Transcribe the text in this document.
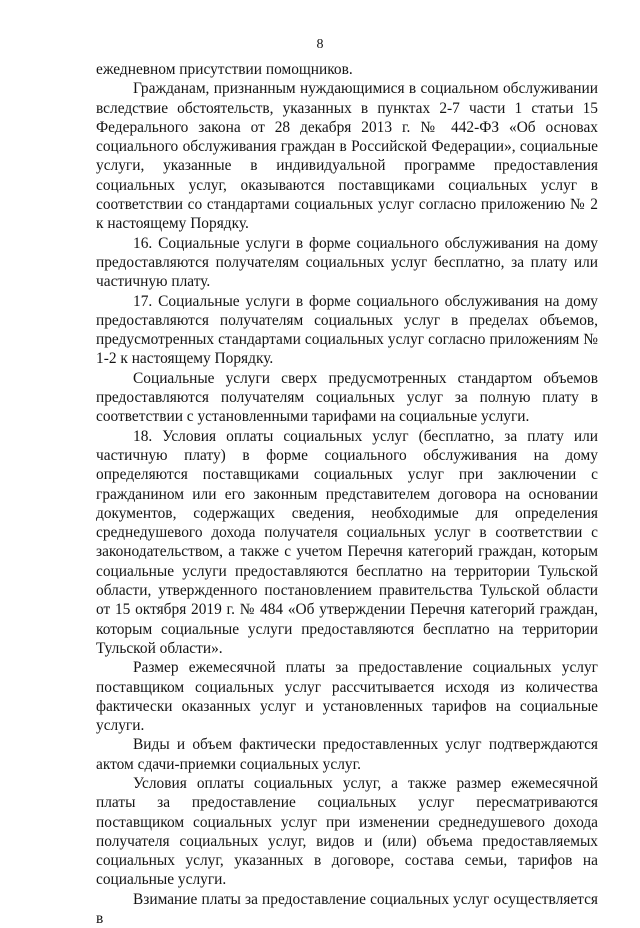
8

ежедневном присутствии помощников.

Гражданам, признанным нуждающимися в социальном обслуживании вследствие обстоятельств, указанных в пунктах 2-7 части 1 статьи 15 Федерального закона от 28 декабря 2013 г. № 442-ФЗ «Об основах социального обслуживания граждан в Российской Федерации», социальные услуги, указанные в индивидуальной программе предоставления социальных услуг, оказываются поставщиками социальных услуг в соответствии со стандартами социальных услуг согласно приложению № 2 к настоящему Порядку.

16. Социальные услуги в форме социального обслуживания на дому предоставляются получателям социальных услуг бесплатно, за плату или частичную плату.

17. Социальные услуги в форме социального обслуживания на дому предоставляются получателям социальных услуг в пределах объемов, предусмотренных стандартами социальных услуг согласно приложениям № 1-2 к настоящему Порядку.

Социальные услуги сверх предусмотренных стандартом объемов предоставляются получателям социальных услуг за полную плату в соответствии с установленными тарифами на социальные услуги.

18. Условия оплаты социальных услуг (бесплатно, за плату или частичную плату) в форме социального обслуживания на дому определяются поставщиками социальных услуг при заключении с гражданином или его законным представителем договора на основании документов, содержащих сведения, необходимые для определения среднедушевого дохода получателя социальных услуг в соответствии с законодательством, а также с учетом Перечня категорий граждан, которым социальные услуги предоставляются бесплатно на территории Тульской области, утвержденного постановлением правительства Тульской области от 15 октября 2019 г. № 484 «Об утверждении Перечня категорий граждан, которым социальные услуги предоставляются бесплатно на территории Тульской области».

Размер ежемесячной платы за предоставление социальных услуг поставщиком социальных услуг рассчитывается исходя из количества фактически оказанных услуг и установленных тарифов на социальные услуги.

Виды и объем фактически предоставленных услуг подтверждаются актом сдачи-приемки социальных услуг.

Условия оплаты социальных услуг, а также размер ежемесячной платы за предоставление социальных услуг пересматриваются поставщиком социальных услуг при изменении среднедушевого дохода получателя социальных услуг, видов и (или) объема предоставляемых социальных услуг, указанных в договоре, состава семьи, тарифов на социальные услуги.

Взимание платы за предоставление социальных услуг осуществляется в
